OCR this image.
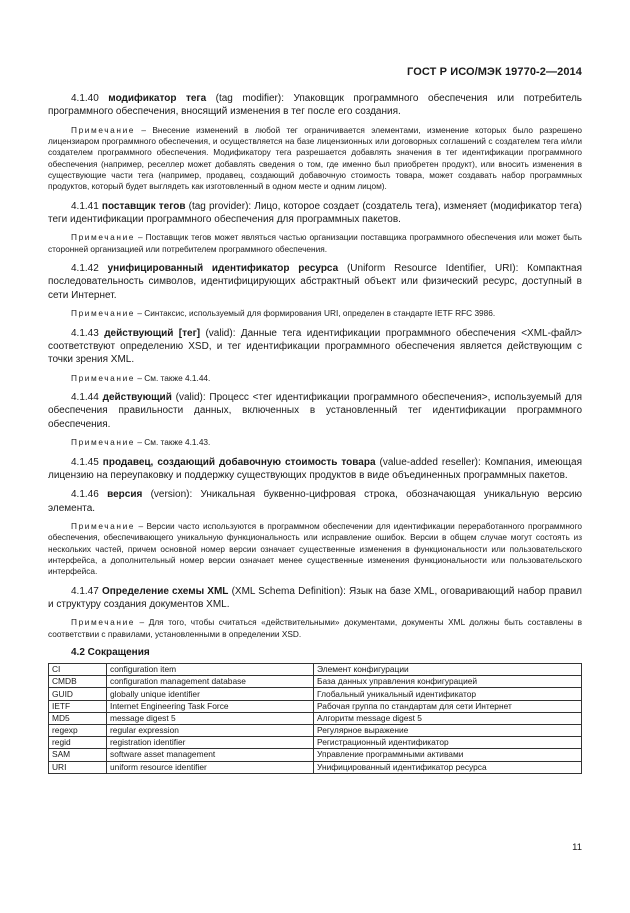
ГОСТ Р ИСО/МЭК 19770-2—2014

4.1.40 модификатор тега (tag modifier): Упаковщик программного обеспечения или потребитель программного обеспечения, вносящий изменения в тег после его создания.

Примечание – Внесение изменений в любой тег ограничивается элементами, изменение которых было разрешено лицензиаром программного обеспечения, и осуществляется на базе лицензионных или договорных соглашений с создателем тега и/или создателем программного обеспечения. Модификатору тега разрешается добавлять значения в тег идентификации программного обеспечения (например, реселлер может добавлять сведения о том, где именно был приобретен продукт), или вносить изменения в существующие части тега (например, продавец, создающий добавочную стоимость товара, может создавать набор программных продуктов, который будет выглядеть как изготовленный в одном месте и одним лицом).

4.1.41 поставщик тегов (tag provider): Лицо, которое создает (создатель тега), изменяет (модификатор тега) теги идентификации программного обеспечения для программных пакетов.

Примечание – Поставщик тегов может являться частью организации поставщика программного обеспечения или может быть сторонней организацией или потребителем программного обеспечения.

4.1.42 унифицированный идентификатор ресурса (Uniform Resource Identifier, URI): Компактная последовательность символов, идентифицирующих абстрактный объект или физический ресурс, доступный в сети Интернет.

Примечание – Синтаксис, используемый для формирования URI, определен в стандарте IETF RFC 3986.

4.1.43 действующий [тег] (valid): Данные тега идентификации программного обеспечения <XML-файл> соответствуют определению XSD, и тег идентификации программного обеспечения является действующим с точки зрения XML.

Примечание – См. также 4.1.44.

4.1.44 действующий (valid): Процесс <тег идентификации программного обеспечения>, используемый для обеспечения правильности данных, включенных в установленный тег идентификации программного обеспечения.

Примечание – См. также 4.1.43.

4.1.45 продавец, создающий добавочную стоимость товара (value-added reseller): Компания, имеющая лицензию на переупаковку и поддержку существующих продуктов в виде объединенных программных пакетов.

4.1.46 версия (version): Уникальная буквенно-цифровая строка, обозначающая уникальную версию элемента.

Примечание – Версии часто используются в программном обеспечении для идентификации переработанного программного обеспечения, обеспечивающего уникальную функциональность или исправление ошибок. Версии в общем случае могут состоять из нескольких частей, причем основной номер версии означает существенные изменения в функциональности или пользовательского интерфейса, а дополнительный номер версии означает менее существенные изменения функциональности или пользовательского интерфейса.

4.1.47 Определение схемы XML (XML Schema Definition): Язык на базе XML, оговаривающий набор правил и структуру создания документов XML.

Примечание – Для того, чтобы считаться «действительными» документами, документы XML должны быть составлены в соответствии с правилами, установленными в определении XSD.

4.2 Сокращения
CI	configuration item	Элемент конфигурации
CMDB	configuration management database	База данных управления конфигурацией
GUID	globally unique identifier	Глобальный уникальный идентификатор
IETF	Internet Engineering Task Force	Рабочая группа по стандартам для сети Интернет
MD5	message digest 5	Алгоритм message digest 5
regexp	regular expression	Регулярное выражение
regid	registration identifier	Регистрационный идентификатор
SAM	software asset management	Управление программными активами
URI	uniform resource identifier	Унифицированный идентификатор ресурса
11
